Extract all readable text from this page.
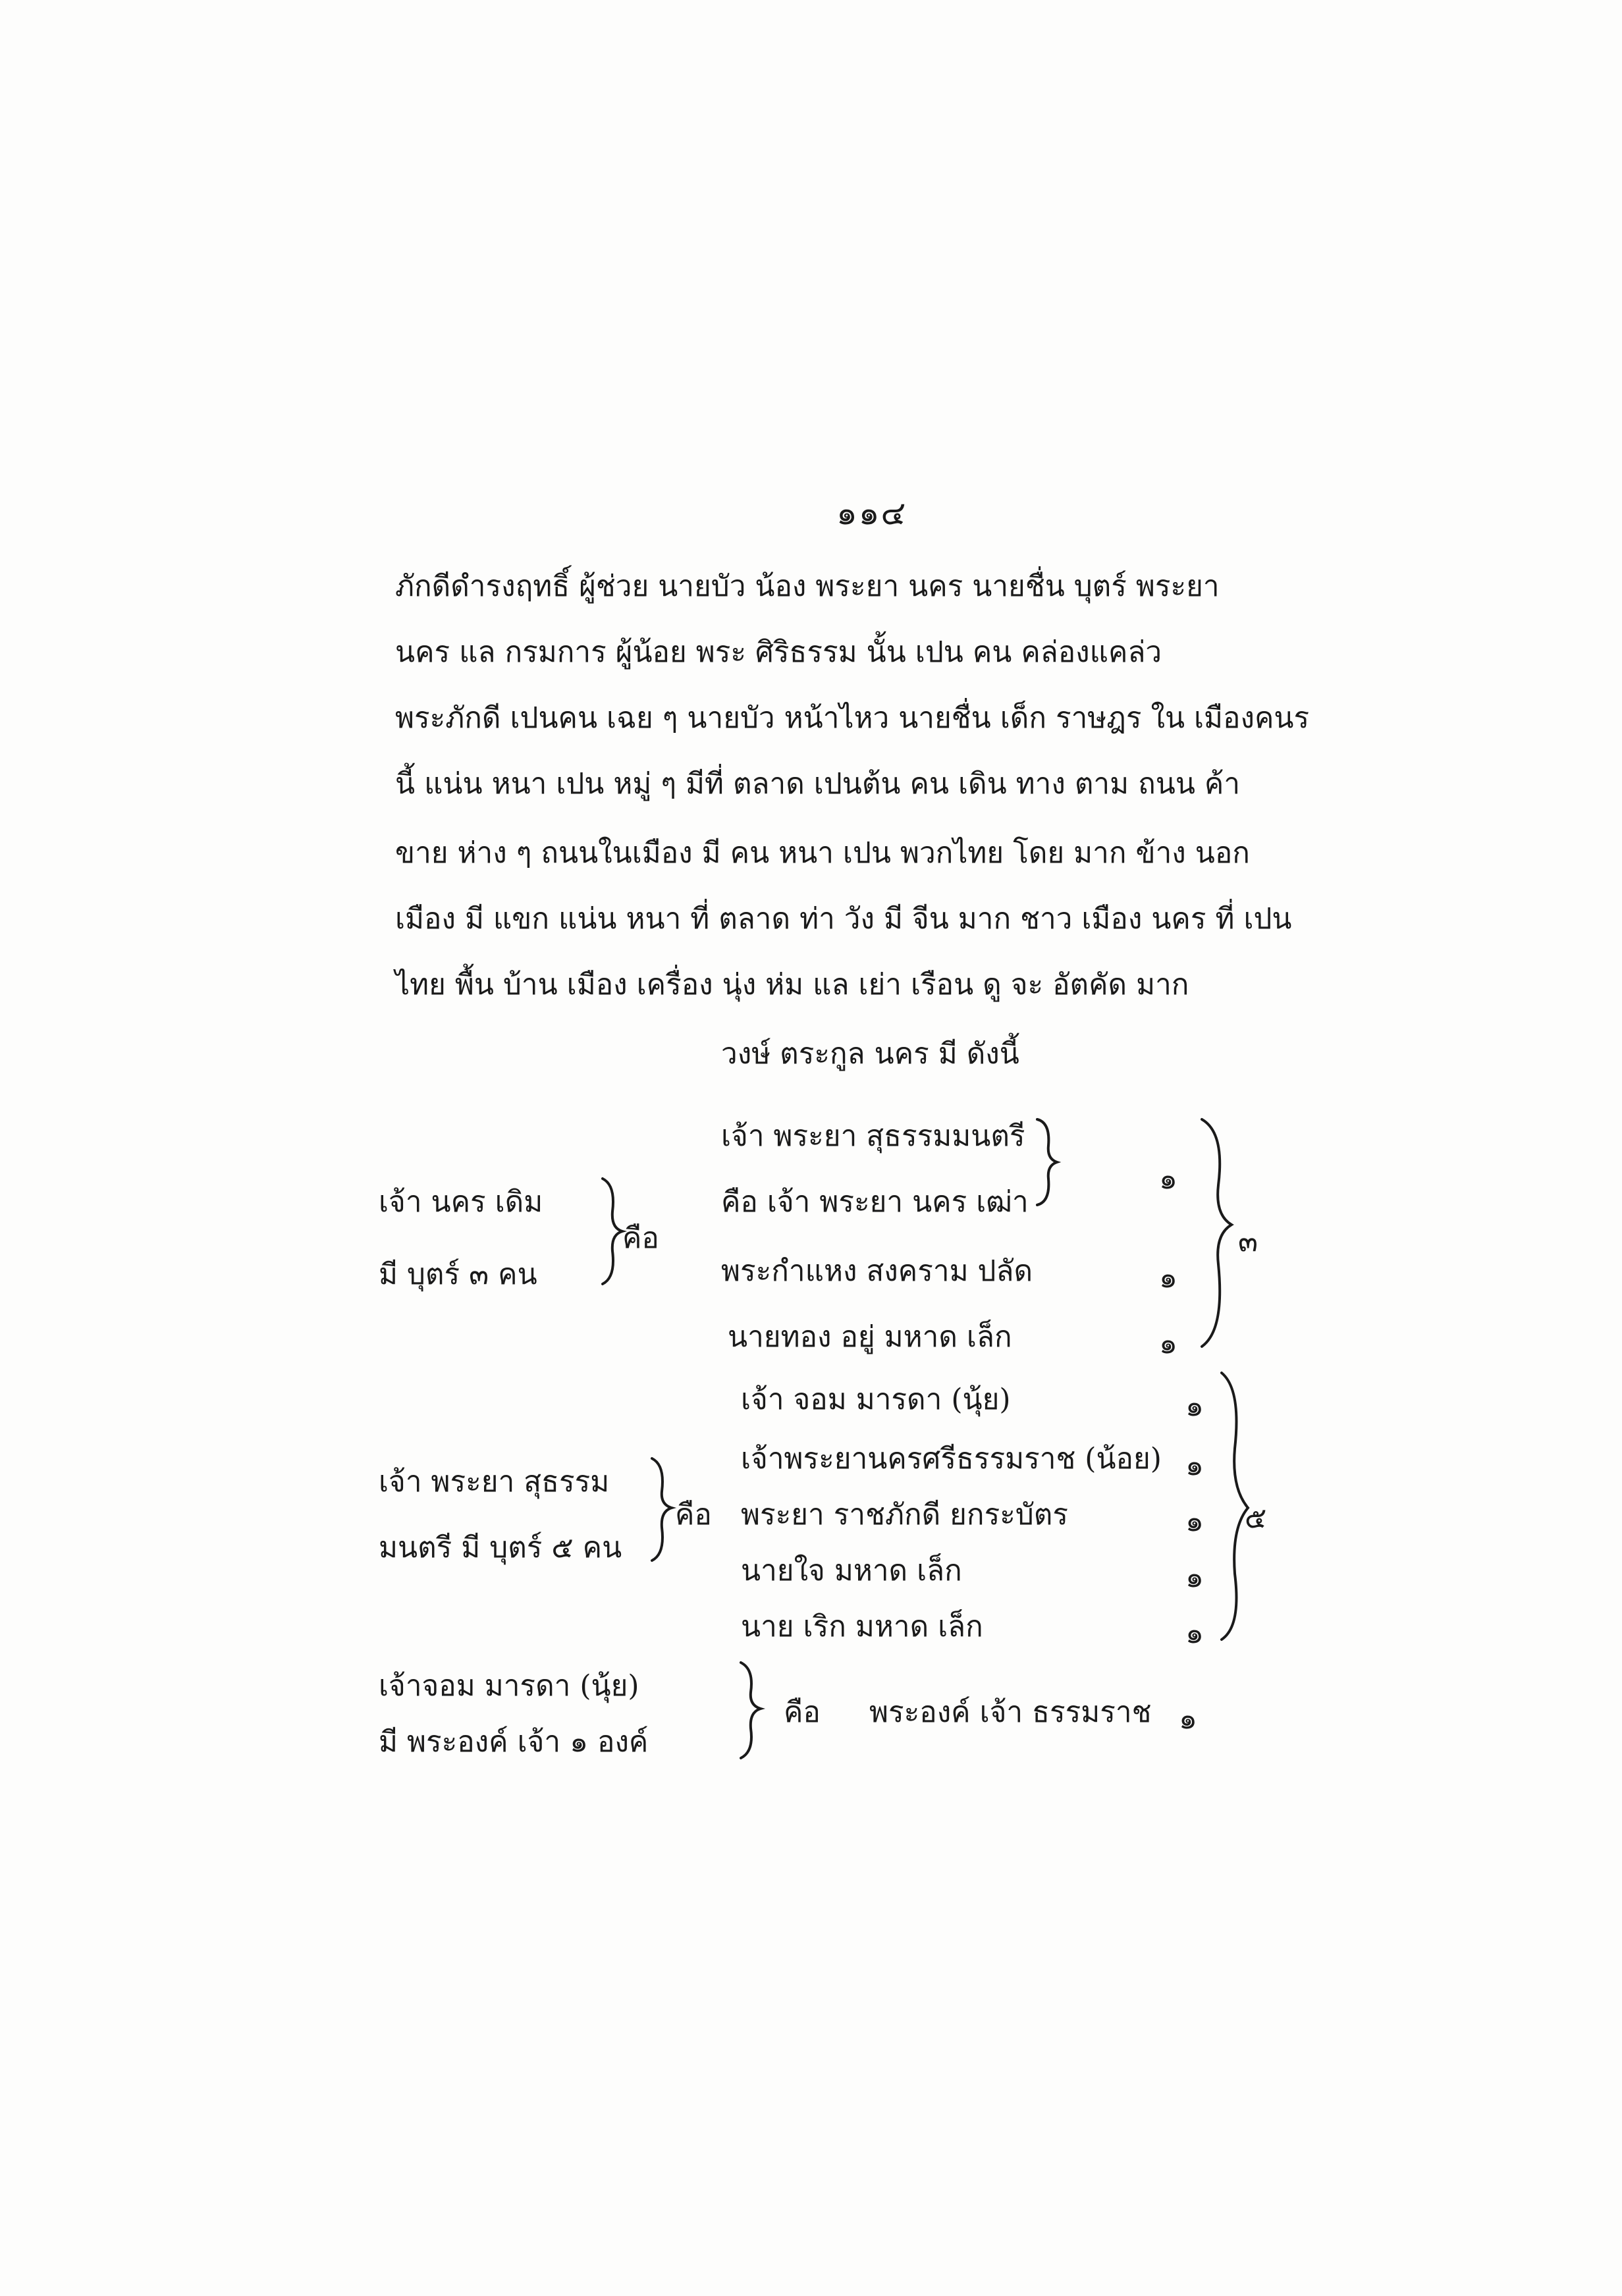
๑๑๔
ภักดีดำรงฤทธิ์ ผู้ช่วย นายบัว น้อง พระยา นคร นายชื่น บุตร์ พระยา
นคร แล กรมการ ผู้น้อย พระ ศิริธรรม นั้น เปน คน คล่องแคล่ว
พระภักดี เปนคน เฉย ๆ นายบัว หน้าไหว นายชื่น เด็ก ราษฎร ใน เมืองคนร
นี้ แน่น หนา เปน หมู่ ๆ มีที่ ตลาด เปนต้น คน เดิน ทาง ตาม ถนน ค้า
ขาย ห่าง ๆ ถนนในเมือง มี คน หนา เปน พวกไทย โดย มาก ข้าง นอก
เมือง มี แขก แน่น หนา ที่ ตลาด ท่า วัง มี จีน มาก ชาว เมือง นคร ที่ เปน
ไทย พื้น บ้าน เมือง เครื่อง นุ่ง ห่ม แล เย่า เรือน ดู จะ อัตคัด มาก
วงษ์ ตระกูล นคร มี ดังนี้
เจ้า นคร เดิม
มี บุตร์ ๓ คน
คือ
เจ้า พระยา สุธรรมมนตรี
คือ เจ้า พระยา นคร เฒ่า
พระกำแหง สงคราม ปลัด
นายทอง อยู่ มหาด เล็ก
๑
๑
๑
๓
เจ้า พระยา สุธรรม
มนตรี มี บุตร์ ๕ คน
คือ
เจ้า จอม มารดา (นุ้ย)
เจ้าพระยานครศรีธรรมราช (น้อย)
พระยา ราชภักดี ยกระบัตร
นายใจ มหาด เล็ก
นาย เริก มหาด เล็ก
๑
๑
๑
๑
๑
๕
เจ้าจอม มารดา (นุ้ย)
มี พระองค์ เจ้า ๑ องค์
คือ พระองค์ เจ้า ธรรมราช ๑
